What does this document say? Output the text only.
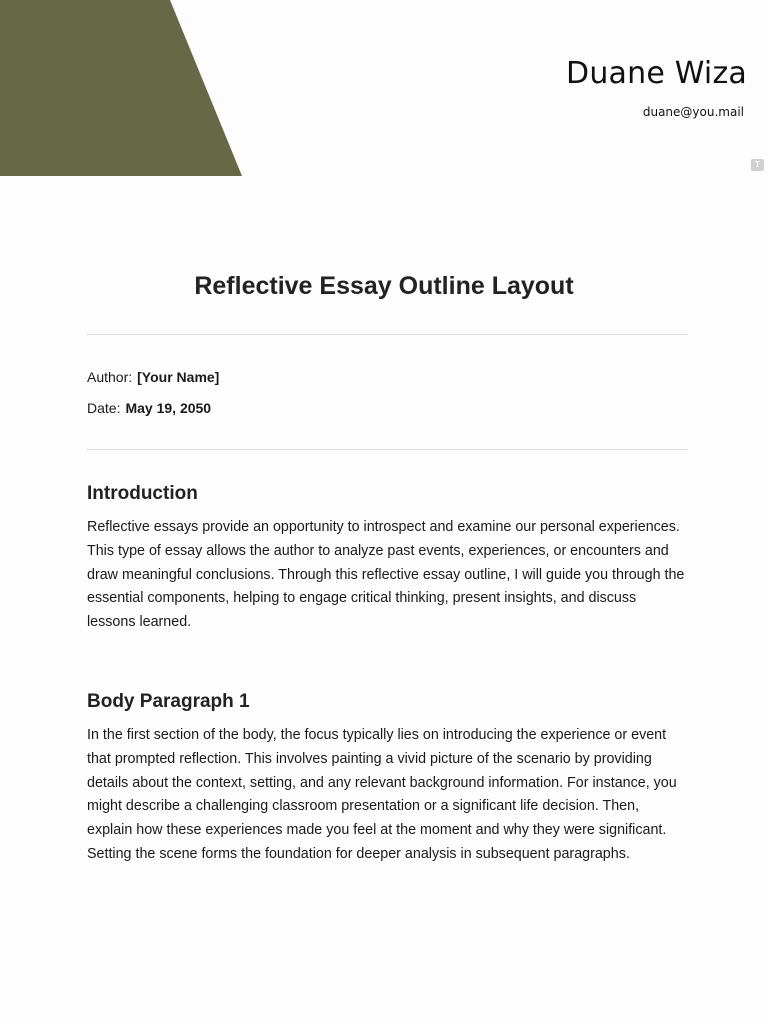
Duane Wiza
duane@you.mail
T
Reflective Essay Outline Layout
Author: [Your Name]
Date: May 19, 2050
Introduction

Reflective essays provide an opportunity to introspect and examine our personal experiences. This type of essay allows the author to analyze past events, experiences, or encounters and draw meaningful conclusions. Through this reflective essay outline, I will guide you through the essential components, helping to engage critical thinking, present insights, and discuss lessons learned.

Body Paragraph 1

In the first section of the body, the focus typically lies on introducing the experience or event that prompted reflection. This involves painting a vivid picture of the scenario by providing details about the context, setting, and any relevant background information. For instance, you might describe a challenging classroom presentation or a significant life decision. Then, explain how these experiences made you feel at the moment and why they were significant. Setting the scene forms the foundation for deeper analysis in subsequent paragraphs.
